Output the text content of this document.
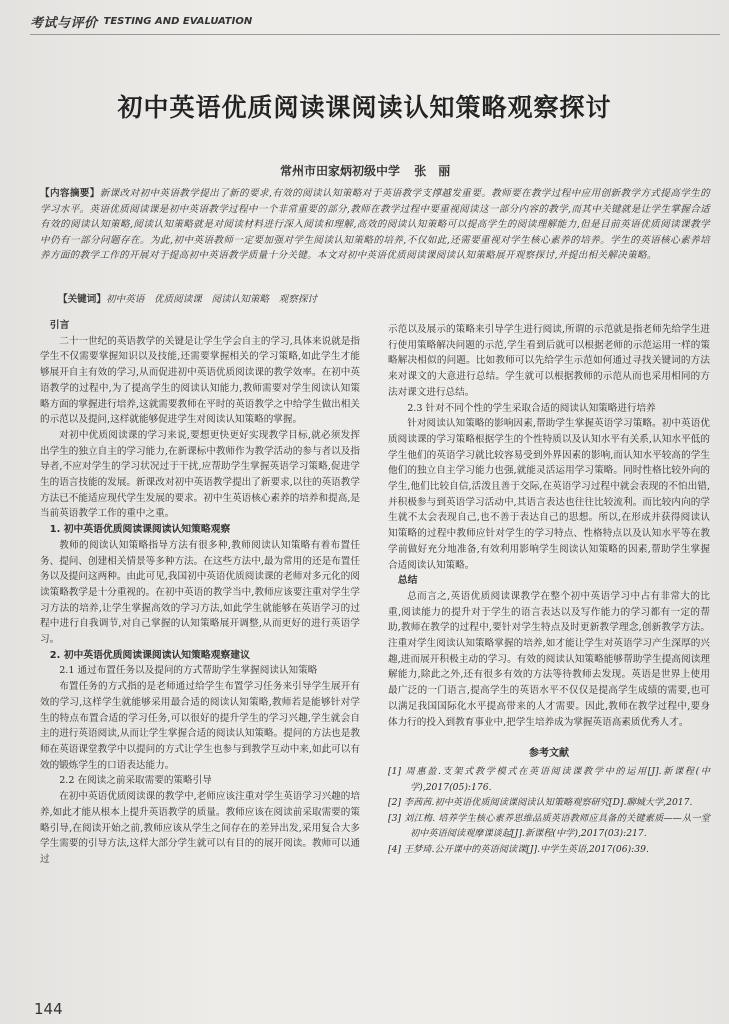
考试与评价 TESTING AND EVALUATION
初中英语优质阅读课阅读认知策略观察探讨
常州市田家炳初级中学 张　丽
【内容摘要】新课改对初中英语教学提出了新的要求,有效的阅读认知策略对于英语教学支撑越发重要。教师要在教学过程中应用创新教学方式提高学生的学习水平。英语优质阅读课是初中英语教学过程中一个非常重要的部分,教师在教学过程中要重视阅读这一部分内容的教学,而其中关键就是让学生掌握合适有效的阅读认知策略,阅读认知策略就是对阅读材料进行深入阅读和理解,高效的阅读认知策略可以提高学生的阅读理解能力,但是目前英语优质阅读课教学中仍有一部分问题存在。为此,初中英语教师一定要加强对学生阅读认知策略的培养,不仅如此,还需要重视对学生核心素养的培养。学生的英语核心素养培养方面的教学工作的开展对于提高初中英语教学质量十分关键。本文对初中英语优质阅读课阅读认知策略展开观察探讨,并提出相关解决策略。
【关键词】初中英语　优质阅读课　阅读认知策略　观察探讨
引言

二十一世纪的英语教学的关键是让学生学会自主的学习,具体来说就是指学生不仅需要掌握知识以及技能,还需要掌握相关的学习策略,如此学生才能够展开自主有效的学习,从而促进初中英语优质阅读课的教学效率。在初中英语教学的过程中,为了提高学生的阅读认知能力,教师需要对学生阅读认知策略方面的掌握进行培养,这就需要教师在平时的英语教学之中给学生做出相关的示范以及提问,这样就能够促进学生对阅读认知策略的掌握。

对初中优质阅读课的学习来说,要想更快更好实现教学目标,就必须发挥出学生的独立自主的学习能力,在新课标中教师作为教学活动的参与者以及指导者,不应对学生的学习状况过于干扰,应帮助学生掌握英语学习策略,促进学生的语言技能的发展。新课改对初中英语教学提出了新要求,以往的英语教学方法已不能适应现代学生发展的要求。初中生英语核心素养的培养和提高,是当前英语教学工作的重中之重。

1. 初中英语优质阅读课阅读认知策略观察

教师的阅读认知策略指导方法有很多种,教师阅读认知策略有着布置任务、提问、创建相关情景等多种方法。在这些方法中,最为常用的还是布置任务以及提问这两种。由此可见,我国初中英语优质阅读课的老师对多元化的阅读策略教学是十分重视的。在初中英语的教学当中,教师应该要注重对学生学习方法的培养,让学生掌握高效的学习方法,如此学生就能够在英语学习的过程中进行自我调节,对自己掌握的认知策略展开调整,从而更好的进行英语学习。

2. 初中英语优质阅读课阅读认知策略观察建议

2.1 通过布置任务以及提问的方式帮助学生掌握阅读认知策略

布置任务的方式指的是老师通过给学生布置学习任务来引导学生展开有效的学习,这样学生就能够采用最合适的阅读认知策略,教师若是能够针对学生的特点布置合适的学习任务,可以很好的提升学生的学习兴趣,学生就会自主的进行英语阅读,从而让学生掌握合适的阅读认知策略。提问的方法也是教师在英语课堂教学中以提问的方式让学生也参与到教学互动中来,如此可以有效的锻炼学生的口语表达能力。

2.2 在阅读之前采取需要的策略引导

在初中英语优质阅读课的教学中,老师应该注重对学生英语学习兴趣的培养,如此才能从根本上提升英语教学的质量。教师应该在阅读前采取需要的策略引导,在阅读开始之前,教师应该从学生之间存在的差异出发,采用复合大多学生需要的引导方法,这样大部分学生就可以有目的的展开阅读。教师可以通过

示范以及展示的策略来引导学生进行阅读,所谓的示范就是指老师先给学生进行使用策略解决问题的示范,学生看到后就可以根据老师的示范运用一样的策略解决相似的问题。比如教师可以先给学生示范如何通过寻找关键词的方法来对课文的大意进行总结。学生就可以根据教师的示范从而也采用相同的方法对课文进行总结。

2.3 针对不同个性的学生采取合适的阅读认知策略进行培养

针对阅读认知策略的影响因素,帮助学生掌握英语学习策略。初中英语优质阅读课的学习策略根据学生的个性特质以及认知水平有关系,认知水平低的学生他们的英语学习就比较容易受到外界因素的影响,而认知水平较高的学生他们的独立自主学习能力也强,就能灵活运用学习策略。同时性格比较外向的学生,他们比较自信,活泼且善于交际,在英语学习过程中就会表现的不怕出错,并积极参与到英语学习活动中,其语言表达也往往比较流利。而比较内向的学生就不太会表现自己,也不善于表达自己的思想。所以,在形成并获得阅读认知策略的过程中教师应针对学生的学习特点、性格特点以及认知水平等在教学前做好充分地准备,有效利用影响学生阅读认知策略的因素,帮助学生掌握合适阅读认知策略。

总结

总而言之,英语优质阅读课教学在整个初中英语学习中占有非常大的比重,阅读能力的提升对于学生的语言表达以及写作能力的学习都有一定的帮助,教师在教学的过程中,要针对学生特点及时更新教学理念,创新教学方法。注重对学生阅读认知策略掌握的培养,如才能让学生对英语学习产生深厚的兴趣,进而展开积极主动的学习。有效的阅读认知策略能够帮助学生提高阅读理解能力,除此之外,还有很多有效的方法等待教师去发现。英语是世界上使用最广泛的一门语言,提高学生的英语水平不仅仅是提高学生成绩的需要,也可以满足我国国际化水平提高带来的人才需要。因此,教师在教学过程中,要身体力行的投入到教育事业中,把学生培养成为掌握英语高素质优秀人才。

参考文献
[1] 周惠盈.支架式教学模式在英语阅读课教学中的运用[J].新课程(中学),2017(05):176.
[2] 李茜茜.初中英语优质阅读课阅读认知策略观察研究[D].聊城大学,2017.
[3] 刘江梅. 培养学生核心素养思维品质英语教师应具备的关键素质——从一堂初中英语阅读观摩课谈起[J].新课程(中学),2017(03):217.
[4] 王梦琦.公开课中的英语阅读课[J].中学生英语,2017(06):39.
144
